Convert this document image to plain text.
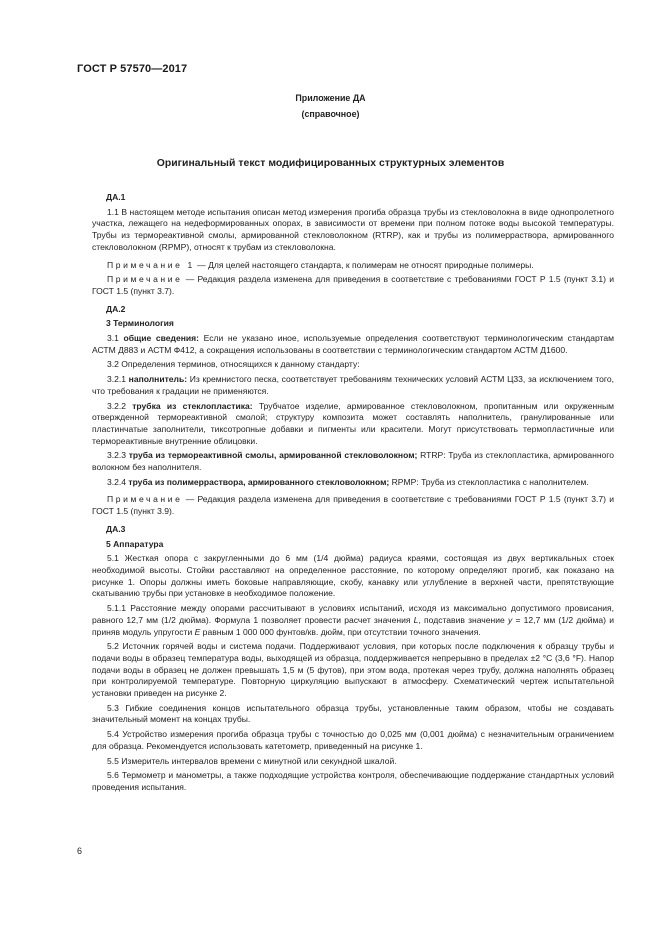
ГОСТ Р 57570—2017
Приложение ДА
(справочное)
Оригинальный текст модифицированных структурных элементов
ДА.1

1.1 В настоящем методе испытания описан метод измерения прогиба образца трубы из стекловолокна в виде однопролетного участка, лежащего на недеформированных опорах, в зависимости от времени при полном потоке воды высокой температуры. Трубы из термореактивной смолы, армированной стекловолокном (RTRP), как и трубы из полимеррастворa, армированного стекловолокном (RPMP), относят к трубам из стекловолокна.

Примечание 1 — Для целей настоящего стандарта, к полимерам не относят природные полимеры.

Примечание — Редакция раздела изменена для приведения в соответствие с требованиями ГОСТ Р 1.5 (пункт 3.1) и ГОСТ 1.5 (пункт 3.7).

ДА.2
3 Терминология

3.1 общие сведения: Если не указано иное, используемые определения соответствуют терминологическим стандартам АСТМ Д883 и АСТМ Ф412, а сокращения использованы в соответствии с терминологическим стандартом АСТМ Д1600.

3.2 Определения терминов, относящихся к данному стандарту:

3.2.1 наполнитель: Из кремнистого песка, соответствует требованиям технических условий АСТМ Ц33, за исключением того, что требования к градации не применяются.

3.2.2 трубка из стеклопластика: Трубчатое изделие, армированное стекловолокном, пропитанным или окруженным отвержденной термореактивной смолой; структуру композита может составлять наполнитель, гранулированные или пластинчатые заполнители, тиксотропные добавки и пигменты или красители. Могут присутствовать термопластичные или термореактивные внутренние облицовки.

3.2.3 труба из термореактивной смолы, армированной стекловолокном; RTRP: Труба из стеклопластика, армированного волокном без наполнителя.

3.2.4 труба из полимеррастворa, армированного стекловолокном; RPMP: Труба из стеклопластика с наполнителем.

Примечание — Редакция раздела изменена для приведения в соответствие с требованиями ГОСТ Р 1.5 (пункт 3.7) и ГОСТ 1.5 (пункт 3.9).

ДА.3
5 Аппаратура

5.1 Жесткая опора с закругленными до 6 мм (1/4 дюйма) радиуса краями, состоящая из двух вертикальных стоек необходимой высоты. Стойки расставляют на определенное расстояние, по которому определяют прогиб, как показано на рисунке 1. Опоры должны иметь боковые направляющие, скобу, канавку или углубление в верхней части, препятствующие скатыванию трубы при установке в необходимое положение.

5.1.1 Расстояние между опорами рассчитывают в условиях испытаний, исходя из максимально допустимого провисания, равного 12,7 мм (1/2 дюйма). Формула 1 позволяет провести расчет значения L, подставив значение y = 12,7 мм (1/2 дюйма) и приняв модуль упругости E равным 1 000 000 фунтов/кв. дюйм, при отсутствии точного значения.

5.2 Источник горячей воды и система подачи. Поддерживают условия, при которых после подключения к образцу трубы и подачи воды в образец температура воды, выходящей из образца, поддерживается непрерывно в пределах ±2 °C (3,6 °F). Напор подачи воды в образец не должен превышать 1,5 м (5 футов), при этом вода, протекая через трубу, должна наполнять образец при контролируемой температуре. Повторную циркуляцию выпускают в атмосферу. Схематический чертеж испытательной установки приведен на рисунке 2.

5.3 Гибкие соединения концов испытательного образца трубы, установленные таким образом, чтобы не создавать значительный момент на концах трубы.

5.4 Устройство измерения прогиба образца трубы с точностью до 0,025 мм (0,001 дюйма) с незначительным ограничением для образца. Рекомендуется использовать катетометр, приведенный на рисунке 1.

5.5 Измеритель интервалов времени с минутной или секундной шкалой.

5.6 Термометр и манометры, а также подходящие устройства контроля, обеспечивающие поддержание стандартных условий проведения испытания.

6
